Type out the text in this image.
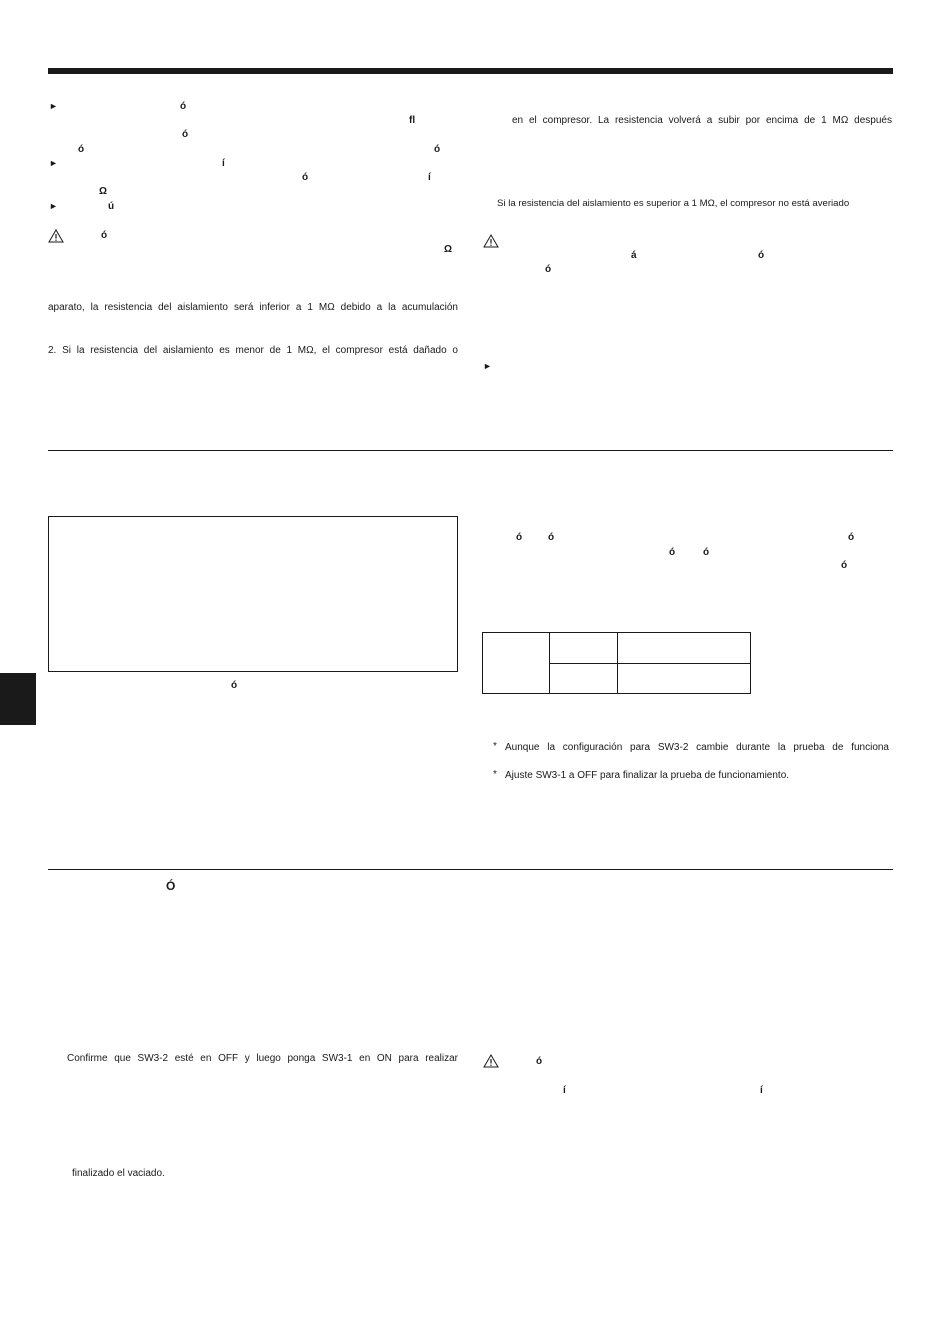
►	ó
fl
ó
ó	ó
►	í
ó	í
Ω
►	ú
ó
Ω
aparato, la resistencia del aislamiento será inferior a 1 MΩ debido a la acumulación
2. Si la resistencia del aislamiento es menor de 1 MΩ, el compresor está dañado o
ó
Ó
Confirme que SW3-2 esté en OFF y luego ponga SW3-1 en ON para realizar
finalizado el vaciado.
en el compresor. La resistencia volverá a subir por encima de 1 MΩ después
Si la resistencia del aislamiento es superior a 1 MΩ, el compresor no está averiado
á	ó
ó
►
ó	ó	ó
ó	ó
ó

* Aunque la configuración para SW3-2 cambie durante la prueba de funciona
* Ajuste SW3-1 a OFF para finalizar la prueba de funcionamiento.
ó
í	í
